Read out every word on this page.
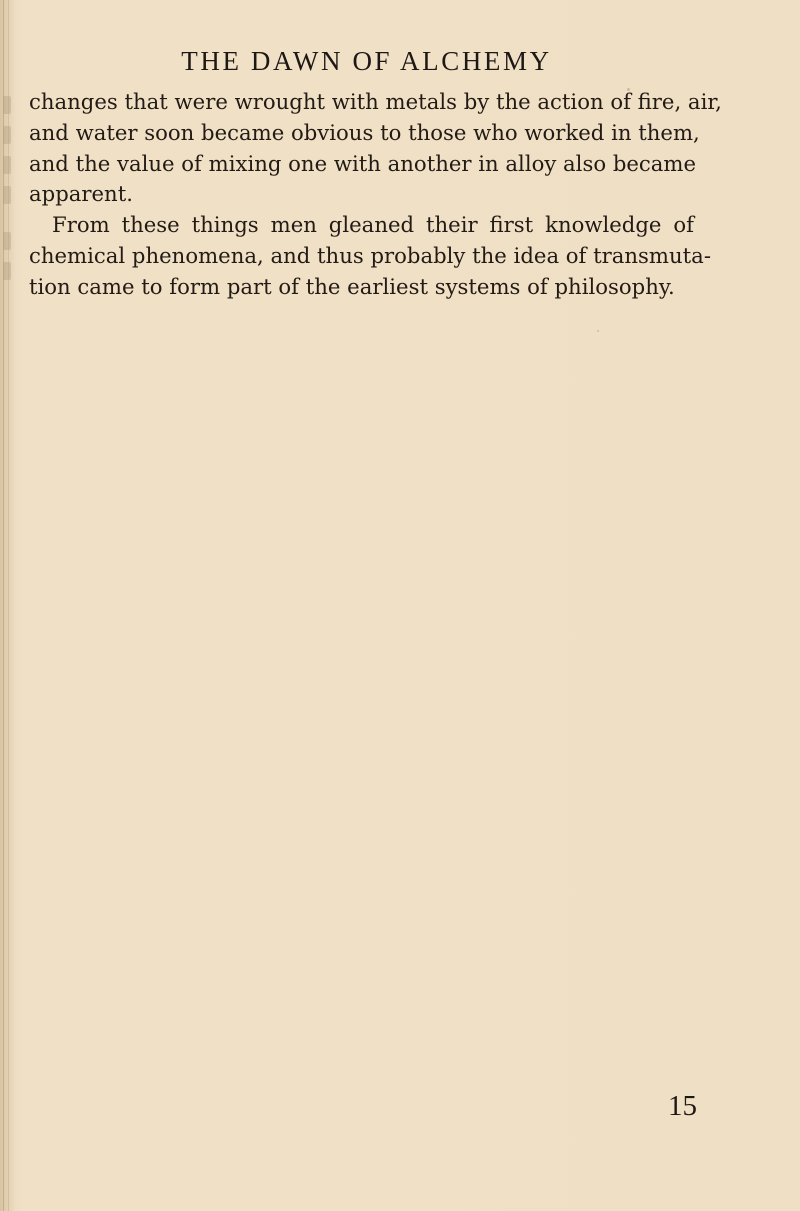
THE DAWN OF ALCHEMY
changes that were wrought with metals by the action of fire, air,
and water soon became obvious to those who worked in them,
and the value of mixing one with another in alloy also became
apparent.
From these things men gleaned their first knowledge of
chemical phenomena, and thus probably the idea of transmuta-
tion came to form part of the earliest systems of philosophy.

15
